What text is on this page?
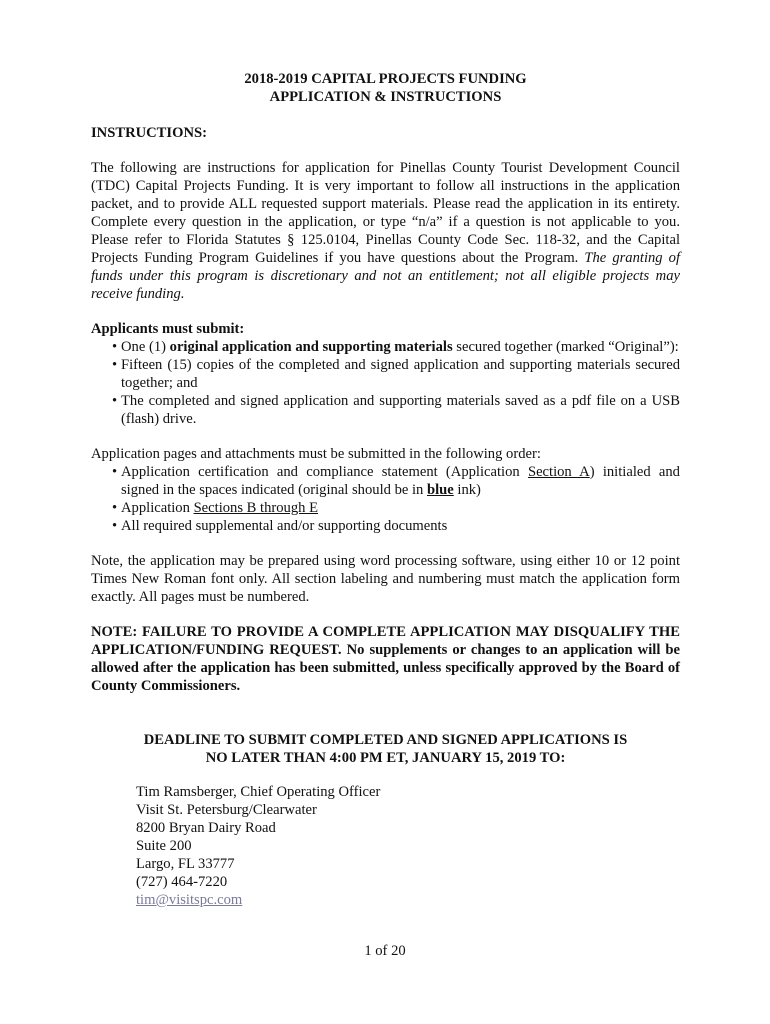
2018-2019 CAPITAL PROJECTS FUNDING
APPLICATION & INSTRUCTIONS
INSTRUCTIONS:

The following are instructions for application for Pinellas County Tourist Development Council (TDC) Capital Projects Funding. It is very important to follow all instructions in the application packet, and to provide ALL requested support materials. Please read the application in its entirety. Complete every question in the application, or type “n/a” if a question is not applicable to you. Please refer to Florida Statutes § 125.0104, Pinellas County Code Sec. 118-32, and the Capital Projects Funding Program Guidelines if you have questions about the Program. The granting of funds under this program is discretionary and not an entitlement; not all eligible projects may receive funding.

Applicants must submit:
• One (1) original application and supporting materials secured together (marked “Original”):
• Fifteen (15) copies of the completed and signed application and supporting materials secured together; and
• The completed and signed application and supporting materials saved as a pdf file on a USB (flash) drive.

Application pages and attachments must be submitted in the following order:

• Application certification and compliance statement (Application Section A) initialed and signed in the spaces indicated (original should be in blue ink)
• Application Sections B through E
• All required supplemental and/or supporting documents

Note, the application may be prepared using word processing software, using either 10 or 12 point Times New Roman font only. All section labeling and numbering must match the application form exactly. All pages must be numbered.

NOTE: FAILURE TO PROVIDE A COMPLETE APPLICATION MAY DISQUALIFY THE APPLICATION/FUNDING REQUEST. No supplements or changes to an application will be allowed after the application has been submitted, unless specifically approved by the Board of County Commissioners.

DEADLINE TO SUBMIT COMPLETED AND SIGNED APPLICATIONS IS
NO LATER THAN 4:00 PM ET, JANUARY 15, 2019 TO:
Tim Ramsberger, Chief Operating Officer
Visit St. Petersburg/Clearwater
8200 Bryan Dairy Road
Suite 200
Largo, FL 33777
(727) 464-7220
tim@visitspc.com
1 of 20
